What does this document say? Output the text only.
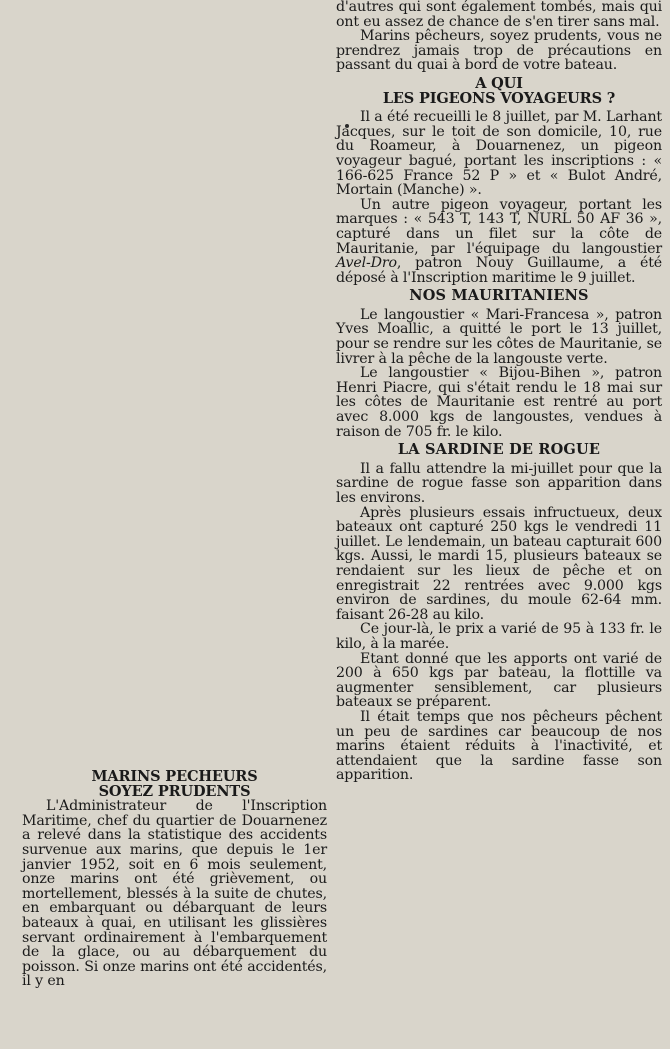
MARINS PECHEURS
SOYEZ PRUDENTS

L'Administrateur de l'Inscription Maritime, chef du quartier de Douarnenez a relevé dans la statistique des accidents survenue aux marins, que depuis le 1er janvier 1952, soit en 6 mois seulement, onze marins ont été grièvement, ou mortellement, blessés à la suite de chutes, en embarquant ou débarquant de leurs bateaux à quai, en utilisant les glissières servant ordinairement à l'embarquement de la glace, ou au débarquement du poisson. Si onze marins ont été accidentés, il y en

d'autres qui sont également tombés, mais qui ont eu assez de chance de s'en tirer sans mal.

Marins pêcheurs, soyez prudents, vous ne prendrez jamais trop de précautions en passant du quai à bord de votre bateau.

A QUI
LES PIGEONS VOYAGEURS ?

Il a été recueilli le 8 juillet, par M. Larhant Jacques, sur le toit de son domicile, 10, rue du Roameur, à Douarnenez, un pigeon voyageur bagué, portant les inscriptions : « 166-625 France 52 P » et « Bulot André, Mortain (Manche) ».

Un autre pigeon voyageur, portant les marques : « 543 T, 143 T, NURL 50 AF 36 », capturé dans un filet sur la côte de Mauritanie, par l'équipage du langoustier Avel-Dro, patron Nouy Guillaume, a été déposé à l'Inscription maritime le 9 juillet.

NOS MAURITANIENS

Le langoustier « Mari-Francesa », patron Yves Moallic, a quitté le port le 13 juillet, pour se rendre sur les côtes de Mauritanie, se livrer à la pêche de la langouste verte.

Le langoustier « Bijou-Bihen », patron Henri Piacre, qui s'était rendu le 18 mai sur les côtes de Mauritanie est rentré au port avec 8.000 kgs de langoustes, vendues à raison de 705 fr. le kilo.

LA SARDINE DE ROGUE

Il a fallu attendre la mi-juillet pour que la sardine de rogue fasse son apparition dans les environs.

Après plusieurs essais infructueux, deux bateaux ont capturé 250 kgs le vendredi 11 juillet. Le lendemain, un bateau capturait 600 kgs. Aussi, le mardi 15, plusieurs bateaux se rendaient sur les lieux de pêche et on enregistrait 22 rentrées avec 9.000 kgs environ de sardines, du moule 62-64 mm. faisant 26-28 au kilo.

Ce jour-là, le prix a varié de 95 à 133 fr. le kilo, à la marée.

Etant donné que les apports ont varié de 200 à 650 kgs par bateau, la flottille va augmenter sensiblement, car plusieurs bateaux se préparent.

Il était temps que nos pêcheurs pêchent un peu de sardines car beaucoup de nos marins étaient réduits à l'inactivité, et attendaient que la sardine fasse son apparition.
